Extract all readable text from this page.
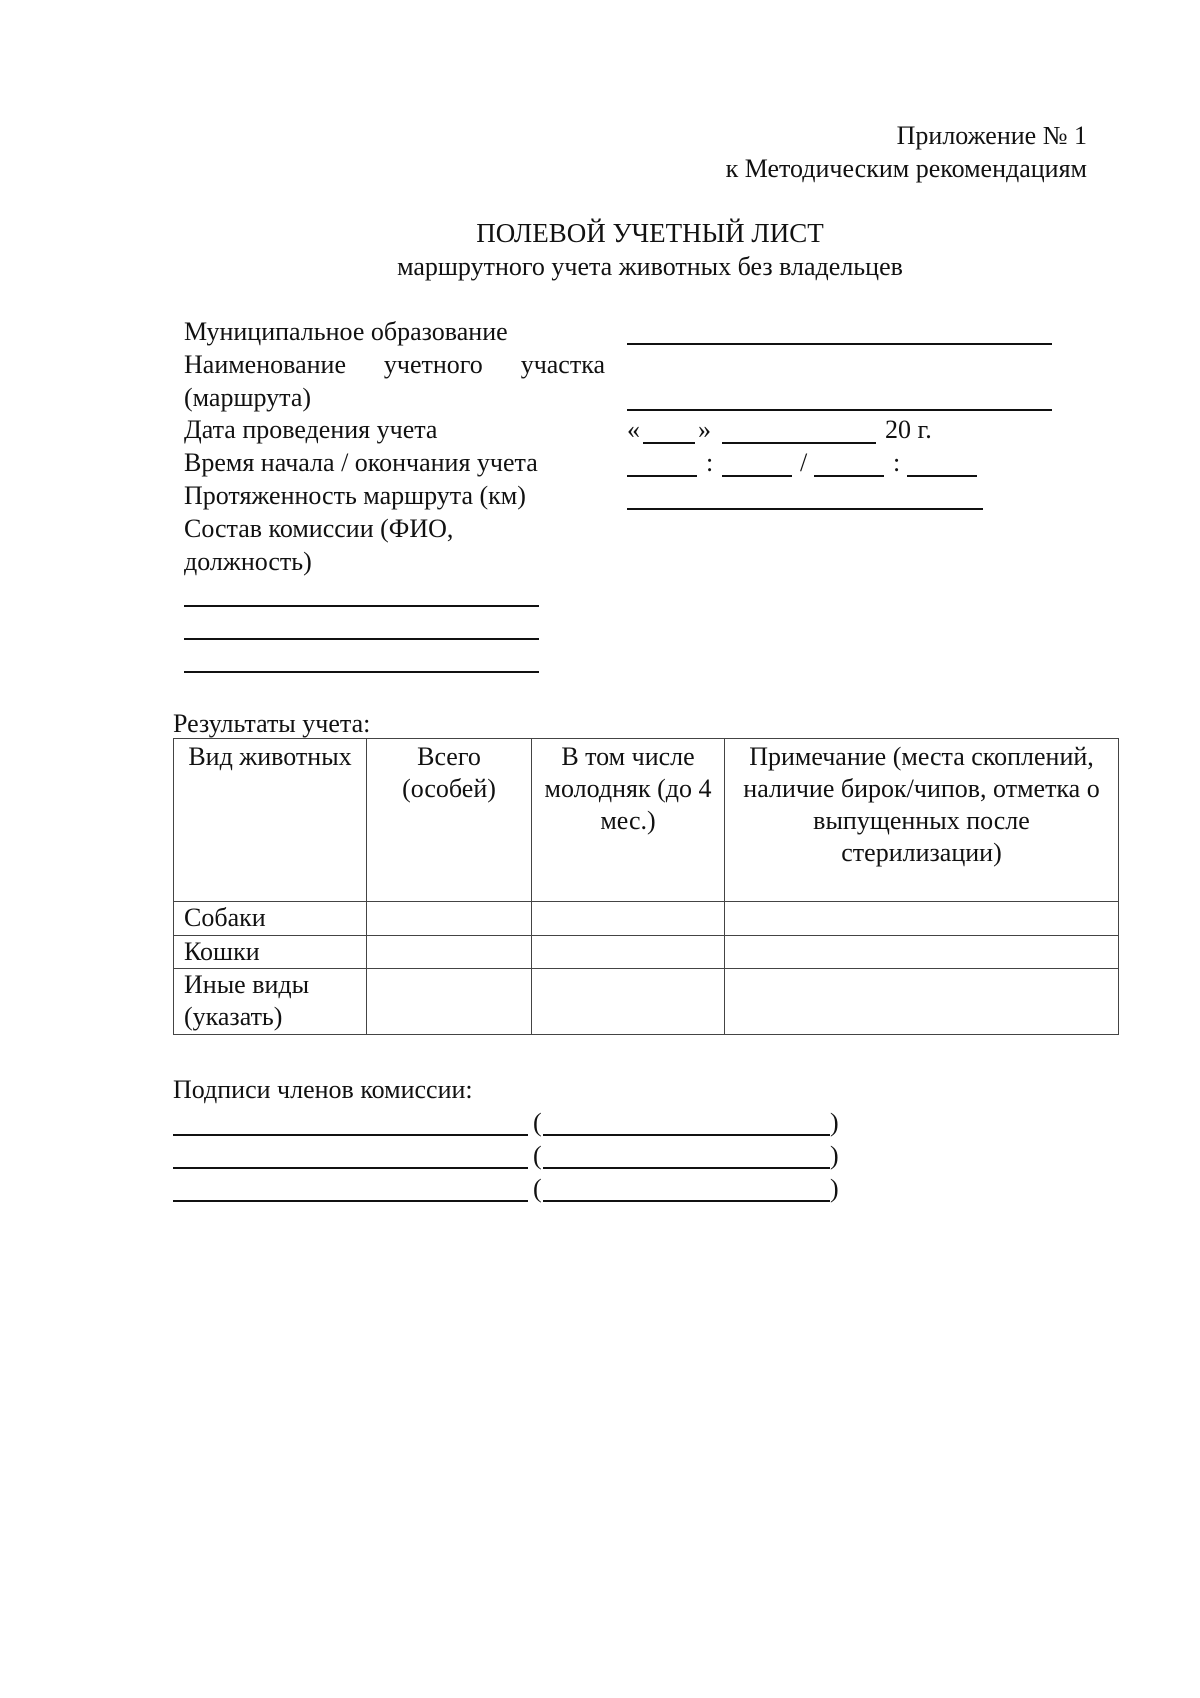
Приложение № 1
к Методическим рекомендациям
ПОЛЕВОЙ УЧЕТНЫЙ ЛИСТ
маршрутного учета животных без владельцев
Муниципальное образование
Наименование учетного участка
(маршрута)
Дата проведения учета	« »	20 г.
Время начала / окончания учета	:	/	:
Протяженность маршрута (км)
Состав комиссии (ФИО,
должность)
Результаты учета:
Вид животных	Всего (особей)	В том числе молодняк (до 4 мес.)	Примечание (места скоплений, наличие бирок/чипов, отметка о выпущенных после стерилизации)
Собаки			
Кошки			
Иные виды (указать)			
Подписи членов комиссии:
(	)
(	)
(	)
